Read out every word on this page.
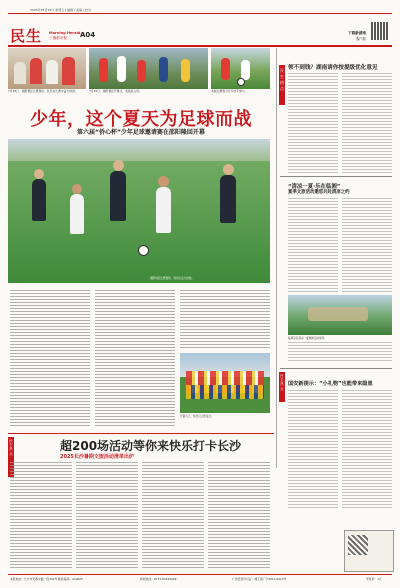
2025年07月18日 星期五 | 编辑 | 美编 | 校对
民生 Morning Herald
三湘都市报 A04	下载新湖南
客户端
7月16日，揭阳赛区比赛现场，队员在比赛中奋力拼抢。	7月16日，揭阳赛区开幕式，表演队入场。	本届比赛吸引众多选手参与。
少年，这个夏天为足球而战
第六届“侨心杯”少年足球邀请赛在邵阳隆回开幕
揭阳城区比赛现场，球员们奋力拼抢。
开幕式上，球员们合影留念。
民
生
热
点
领不到钱？湖南请你按提级优化意见
“清凉一夏·乐在临湘”
夏季文旅活动邀您共赴清凉之约
临湘景区清凉一夏旅游活动现场
民生热点
国安新提示：“小礼物”也能带来隐患
民生热点
超200场活动等你来快乐打卡长沙
2025长沙暑期文旅活动清单出炉
本报地址：长沙市芙蓉中路一段442号 邮政编码：410005	新闻热线：0731-84329999	广告经营许可证：湘工商广字2014-0019号	零售价：1元
